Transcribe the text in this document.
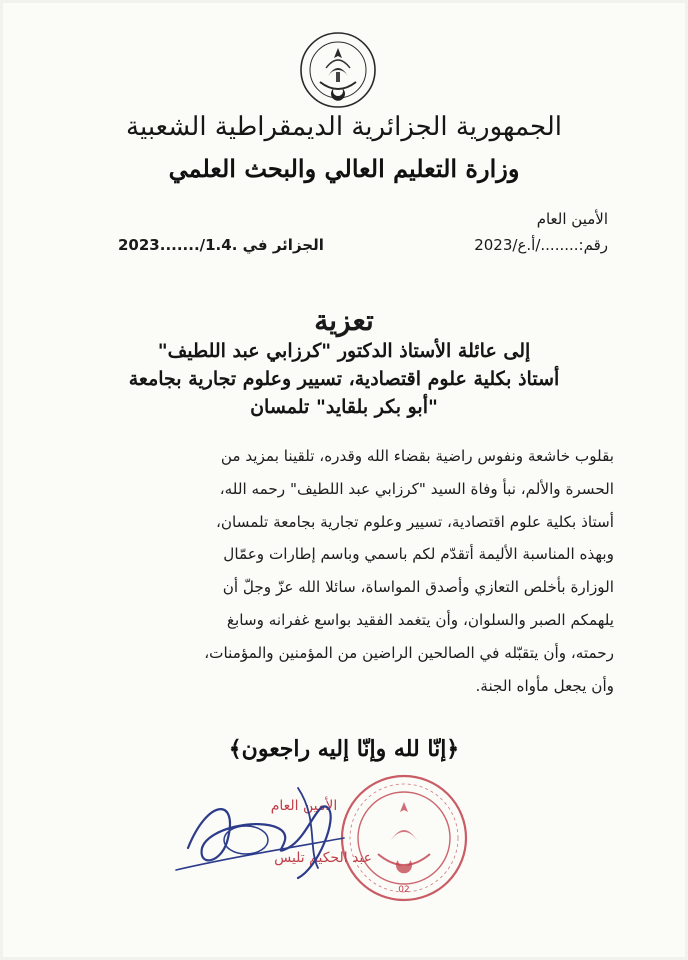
الجمهورية الجزائرية الديمقراطية الشعبية
وزارة التعليم العالي والبحث العلمي
الأمين العام
رقم:......../أ.ع/2023
الجزائر في .1.4/.......2023
تعزية
إلى عائلة الأستاذ الدكتور "كرزابي عبد اللطيف"
أستاذ بكلية علوم اقتصادية، تسيير وعلوم تجارية بجامعة
"أبو بكر بلقايد" تلمسان
بقلوب خاشعة ونفوس راضية بقضاء الله وقدره، تلقينا بمزيد من
الحسرة والألم، نبأ وفاة السيد "كرزابي عبد اللطيف" رحمه الله،
أستاذ بكلية علوم اقتصادية، تسيير وعلوم تجارية بجامعة تلمسان،
وبهذه المناسبة الأليمة أتقدّم لكم باسمي وباسم إطارات وعمّال
الوزارة بأخلص التعازي وأصدق المواساة، سائلا الله عزّ وجلّ أن
يلهمكم الصبر والسلوان، وأن يتغمد الفقيد بواسع غفرانه وسابغ
رحمته، وأن يتقبّله في الصالحين الراضين من المؤمنين والمؤمنات،
وأن يجعل مأواه الجنة.
﴿إنّا لله وإنّا إليه راجعون﴾
02
الأمين العام
عبد الحكيم تليس
